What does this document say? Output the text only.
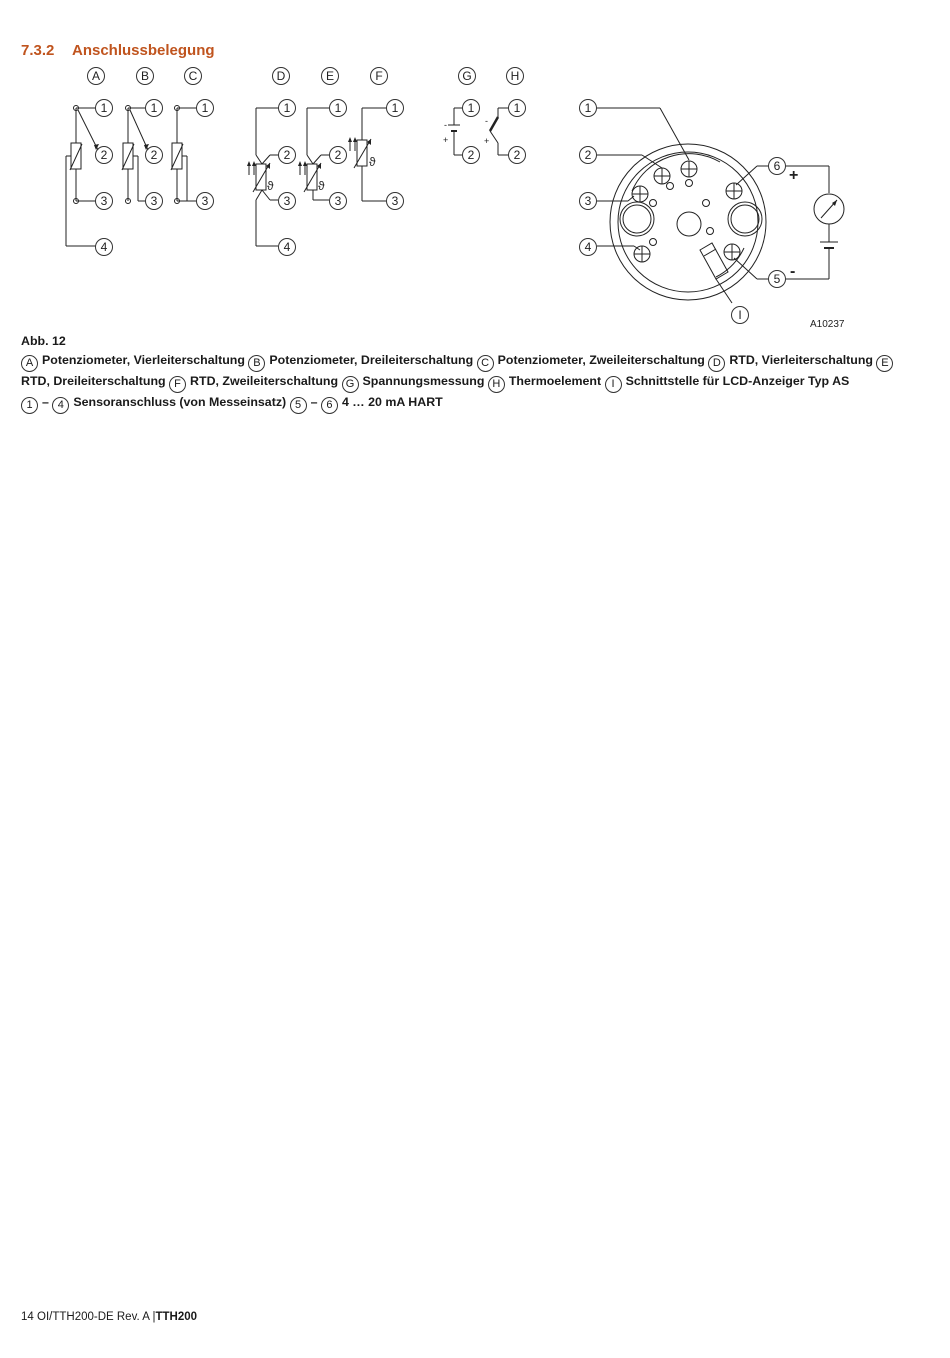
7.3.2 Anschlussbelegung
A	B	C	D	E	F	G	H
1
2
3
4
1
2
3
1
3
1
2
3
4
1
2
3
1
3
1
2
1
2
1
2
3
4
6
5
I
ϑ	ϑ
ϑ
-
+
-
+
+
-
A10237

Abb. 12

A Potenziometer, Vierleiterschaltung B Potenziometer, Dreileiterschaltung C Potenziometer, Zweileiterschaltung D RTD, Vierleiterschaltung ERTD, Dreileiterschaltung F RTD, Zweileiterschaltung G Spannungsmessung H Thermoelement I Schnittstelle für LCD-Anzeiger Typ AS

1 – 4 Sensoranschluss (von Messeinsatz) 5 – 6 4 … 20 mA HART

14 OI/TTH200-DE Rev. A |TTH200
